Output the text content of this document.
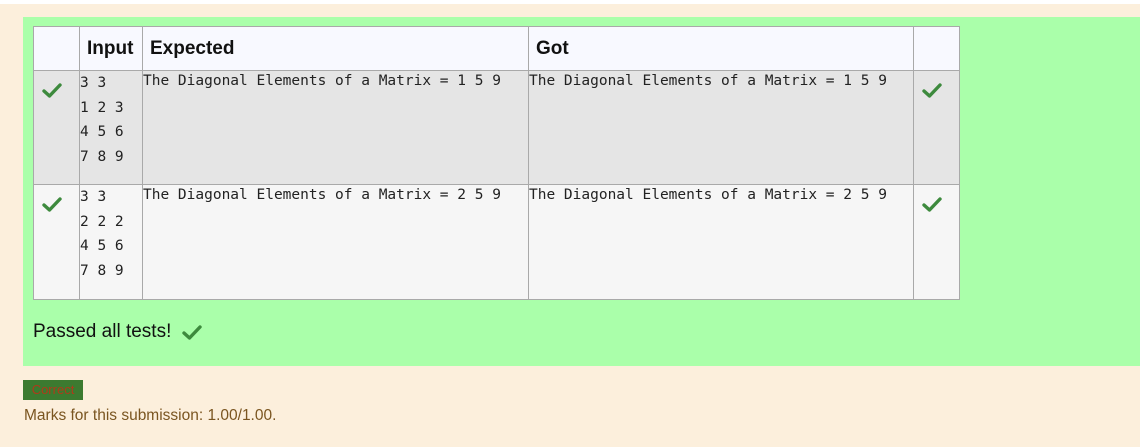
	Input	Expected	Got	

3 3
1 2 3
4 5 6
7 8 9	The Diagonal Elements of a Matrix = 1 5 9	The Diagonal Elements of a Matrix = 1 5 9	

3 3
2 2 2
4 5 6
7 8 9	The Diagonal Elements of a Matrix = 2 5 9	The Diagonal Elements of a Matrix = 2 5 9	
Passed all tests!
Correct
Marks for this submission: 1.00/1.00.
